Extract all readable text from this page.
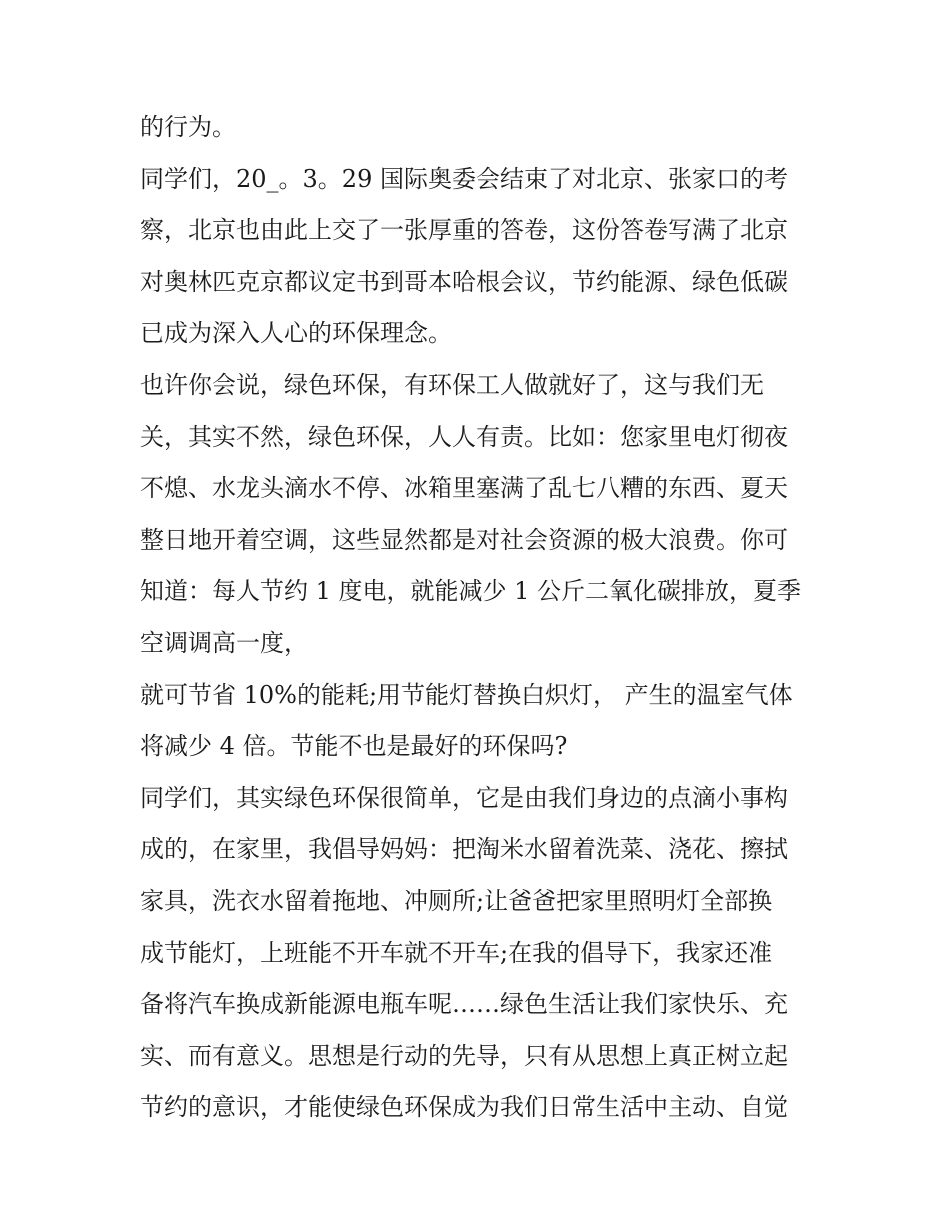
的行为。
同学们，20_。3。29 国际奥委会结束了对北京、张家口的考
察，北京也由此上交了一张厚重的答卷，这份答卷写满了北京
对奥林匹克京都议定书到哥本哈根会议，节约能源、绿色低碳
已成为深入人心的环保理念。
也许你会说，绿色环保，有环保工人做就好了，这与我们无
关，其实不然，绿色环保，人人有责。比如：您家里电灯彻夜
不熄、水龙头滴水不停、冰箱里塞满了乱七八糟的东西、夏天
整日地开着空调，这些显然都是对社会资源的极大浪费。你可
知道：每人节约 1 度电，就能减少 1 公斤二氧化碳排放，夏季
空调调高一度，
就可节省 10%的能耗;用节能灯替换白炽灯， 产生的温室气体
将减少 4 倍。节能不也是最好的环保吗?
同学们，其实绿色环保很简单，它是由我们身边的点滴小事构
成的，在家里，我倡导妈妈：把淘米水留着洗菜、浇花、擦拭
家具，洗衣水留着拖地、冲厕所;让爸爸把家里照明灯全部换
成节能灯，上班能不开车就不开车;在我的倡导下，我家还准
备将汽车换成新能源电瓶车呢……绿色生活让我们家快乐、充
实、而有意义。思想是行动的先导，只有从思想上真正树立起
节约的意识，才能使绿色环保成为我们日常生活中主动、自觉
